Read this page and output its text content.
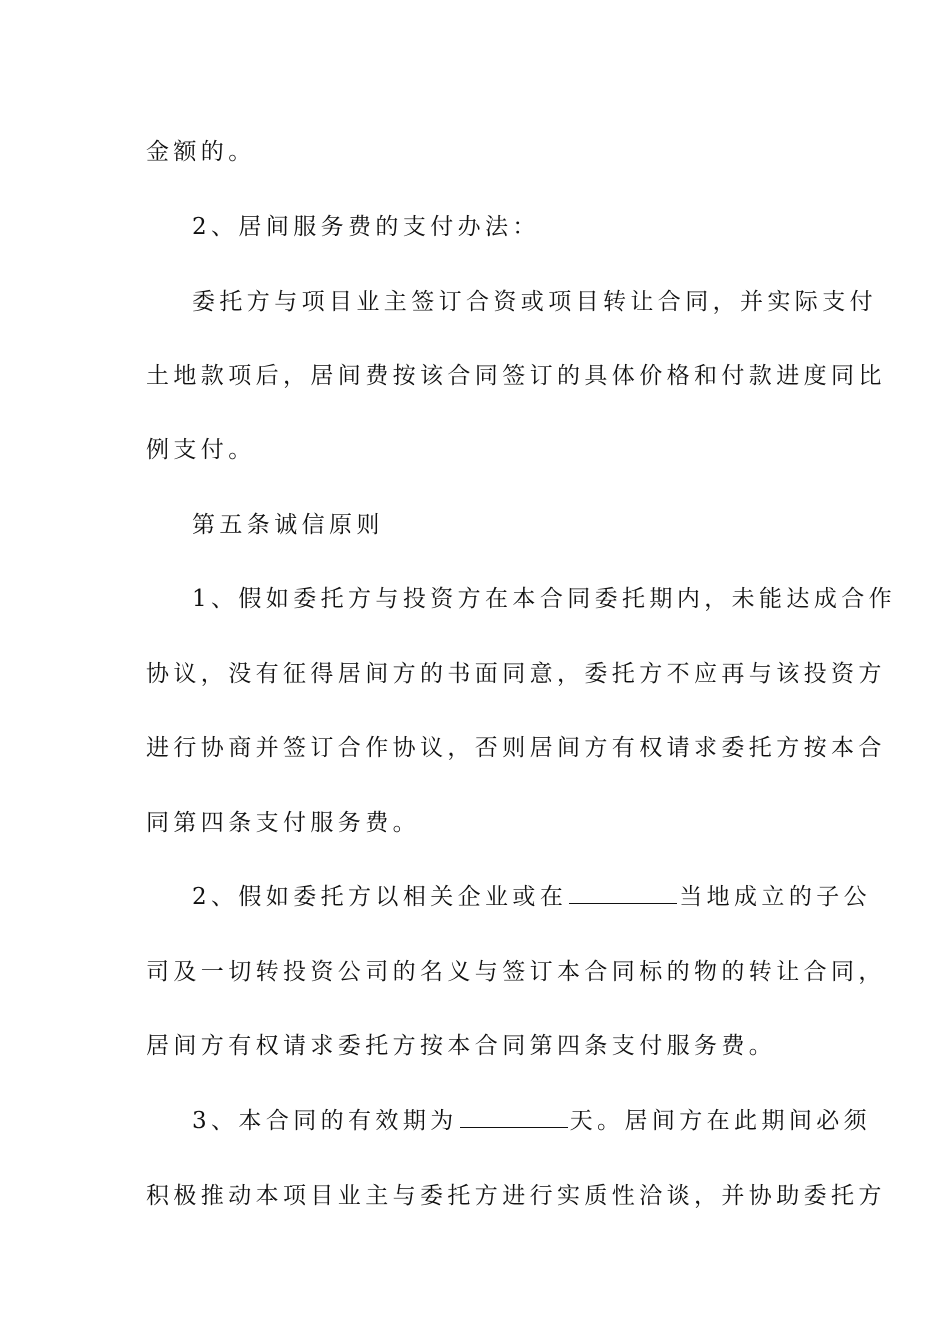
金额的。
2、居间服务费的支付办法：
委托方与项目业主签订合资或项目转让合同，并实际支付
土地款项后，居间费按该合同签订的具体价格和付款进度同比
例支付。
第五条诚信原则
1、假如委托方与投资方在本合同委托期内，未能达成合作
协议，没有征得居间方的书面同意，委托方不应再与该投资方
进行协商并签订合作协议，否则居间方有权请求委托方按本合
同第四条支付服务费。
2、假如委托方以相关企业或在	当地成立的子公
司及一切转投资公司的名义与签订本合同标的物的转让合同，
居间方有权请求委托方按本合同第四条支付服务费。
3、本合同的有效期为	天。居间方在此期间必须
积极推动本项目业主与委托方进行实质性洽谈，并协助委托方
